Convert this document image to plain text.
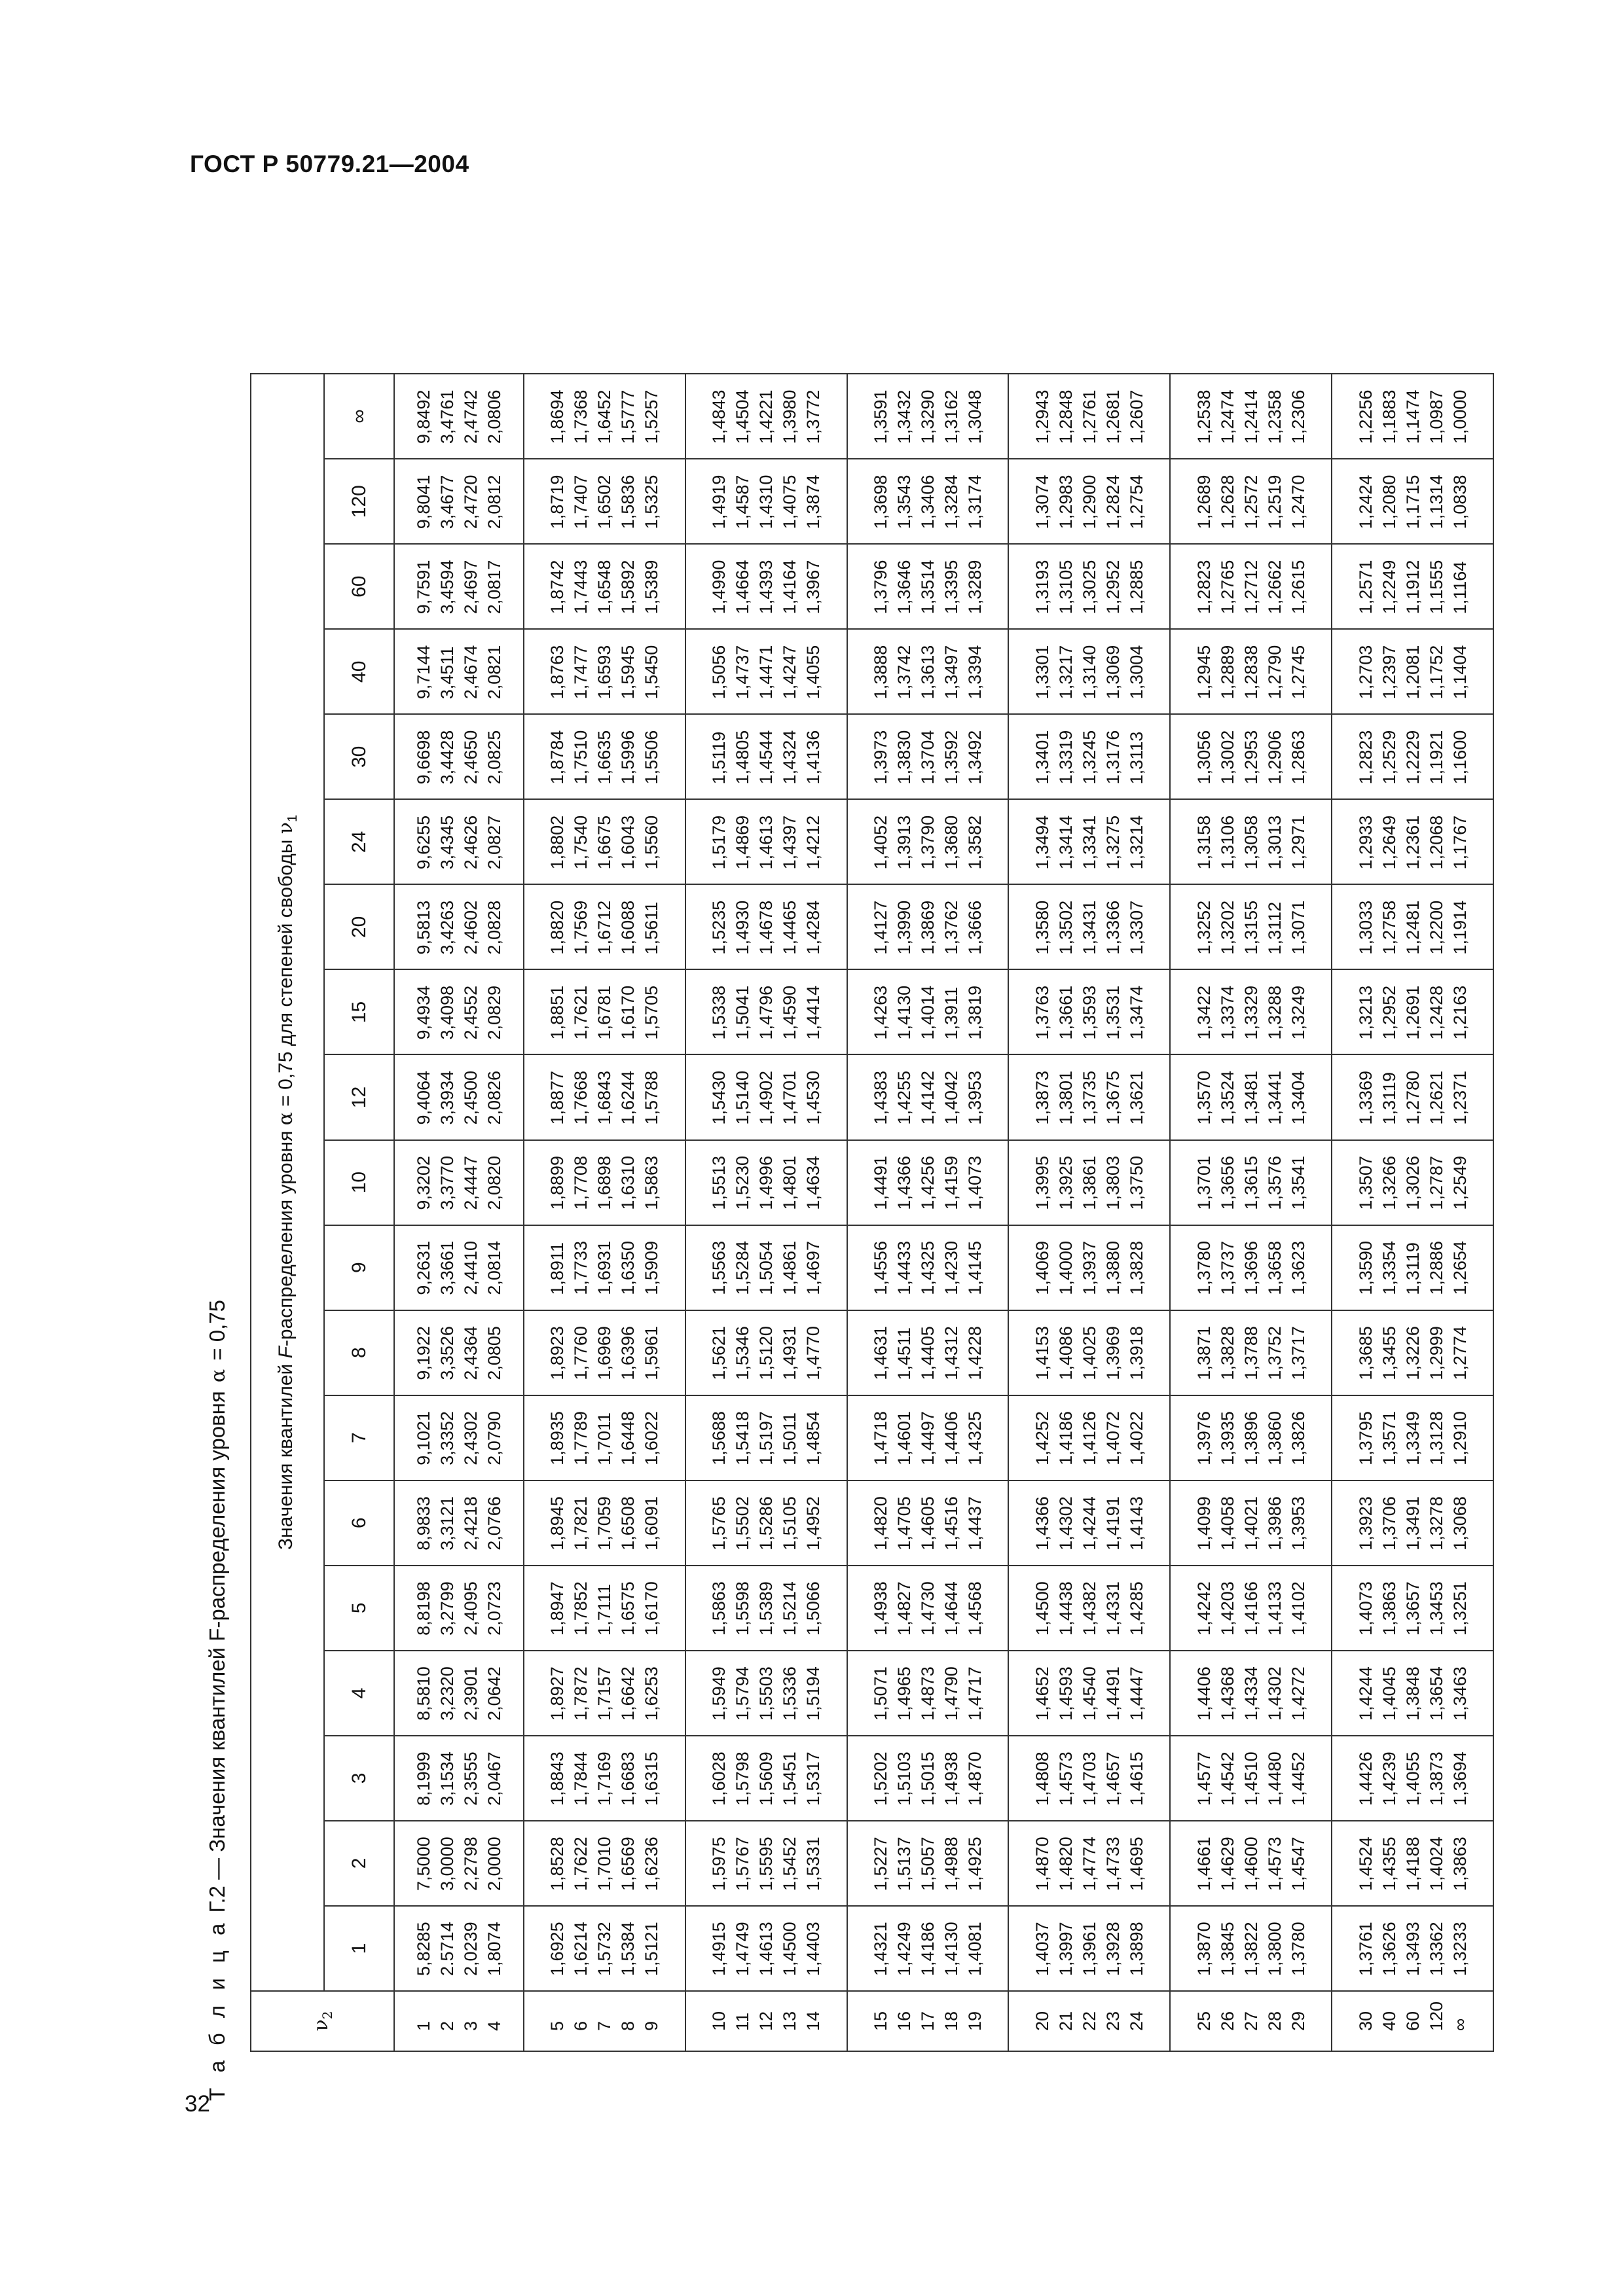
ГОСТ Р 50779.21—2004
32
Т а б л и ц а Г.2 — Значения квантилей F-распределения уровня α = 0,75
$\nu_2$	Значения квантилей F-распределения уровня α = 0,75 для степеней свободы $\nu_1$
	1	2	3	4	5	6	7	8	9	10	12	15	20	24	30	40	60	120	∞

1 2 3 4	5,8285 2.5714 2,0239 1,8074	7,5000 3,0000 2,2798 2,0000	8,1999 3,1534 2,3555 2,0467	8,5810 3,2320 2,3901 2,0642	8,8198 3,2799 2,4095 2,0723	8,9833 3,3121 2,4218 2,0766	9,1021 3,3352 2,4302 2,0790	9,1922 3,3526 2,4364 2,0805	9,2631 3,3661 2,4410 2,0814	9,3202 3,3770 2,4447 2,0820	9,4064 3,3934 2,4500 2,0826	9,4934 3,4098 2,4552 2,0829	9,5813 3,4263 2,4602 2,0828	9,6255 3,4345 2,4626 2,0827	9,6698 3,4428 2,4650 2,0825	9,7144 3,4511 2,4674 2,0821	9,7591 3,4594 2,4697 2,0817	9,8041 3,4677 2,4720 2,0812	9,8492 3,4761 2,4742 2,0806

5 6 7 8 9	1,6925 1,6214 1,5732 1,5384 1,5121	1,8528 1,7622 1,7010 1,6569 1,6236	1,8843 1,7844 1,7169 1,6683 1,6315	1,8927 1,7872 1,7157 1,6642 1,6253	1,8947 1,7852 1,7111 1,6575 1,6170	1,8945 1,7821 1,7059 1,6508 1,6091	1,8935 1,7789 1,7011 1,6448 1,6022	1,8923 1,7760 1,6969 1,6396 1,5961	1,8911 1,7733 1,6931 1,6350 1,5909	1,8899 1,7708 1,6898 1,6310 1,5863	1,8877 1,7668 1,6843 1,6244 1,5788	1,8851 1,7621 1,6781 1,6170 1,5705	1,8820 1,7569 1,6712 1,6088 1,5611	1,8802 1,7540 1,6675 1,6043 1,5560	1,8784 1,7510 1,6635 1,5996 1,5506	1,8763 1,7477 1,6593 1,5945 1,5450	1,8742 1,7443 1,6548 1,5892 1,5389	1,8719 1,7407 1,6502 1,5836 1,5325	1,8694 1,7368 1,6452 1,5777 1,5257

10 11 12 13 14	1,4915 1,4749 1,4613 1,4500 1,4403	1,5975 1,5767 1,5595 1,5452 1,5331	1,6028 1,5798 1,5609 1,5451 1,5317	1,5949 1,5794 1,5503 1,5336 1,5194	1,5863 1,5598 1,5389 1,5214 1,5066	1,5765 1,5502 1,5286 1,5105 1,4952	1,5688 1,5418 1,5197 1,5011 1,4854	1,5621 1,5346 1,5120 1,4931 1,4770	1,5563 1,5284 1,5054 1,4861 1,4697	1,5513 1,5230 1,4996 1,4801 1,4634	1,5430 1,5140 1,4902 1,4701 1,4530	1,5338 1,5041 1,4796 1,4590 1,4414	1,5235 1,4930 1,4678 1,4465 1,4284	1,5179 1,4869 1,4613 1,4397 1,4212	1,5119 1,4805 1,4544 1,4324 1,4136	1,5056 1,4737 1,4471 1,4247 1,4055	1,4990 1,4664 1,4393 1,4164 1,3967	1,4919 1,4587 1,4310 1,4075 1,3874	1,4843 1,4504 1,4221 1,3980 1,3772

15 16 17 18 19	1,4321 1,4249 1,4186 1,4130 1,4081	1,5227 1,5137 1,5057 1,4988 1,4925	1,5202 1,5103 1,5015 1,4938 1,4870	1,5071 1,4965 1,4873 1,4790 1,4717	1,4938 1,4827 1,4730 1,4644 1,4568	1,4820 1,4705 1,4605 1,4516 1,4437	1,4718 1,4601 1,4497 1,4406 1,4325	1,4631 1,4511 1,4405 1,4312 1,4228	1,4556 1,4433 1,4325 1,4230 1,4145	1,4491 1,4366 1,4256 1,4159 1,4073	1,4383 1,4255 1,4142 1,4042 1,3953	1,4263 1,4130 1,4014 1,3911 1,3819	1,4127 1,3990 1,3869 1,3762 1,3666	1,4052 1,3913 1,3790 1,3680 1,3582	1,3973 1,3830 1,3704 1,3592 1,3492	1,3888 1,3742 1,3613 1,3497 1,3394	1,3796 1,3646 1,3514 1,3395 1,3289	1,3698 1,3543 1,3406 1,3284 1,3174	1,3591 1,3432 1,3290 1,3162 1,3048

20 21 22 23 24	1,4037 1,3997 1,3961 1,3928 1,3898	1,4870 1,4820 1,4774 1,4733 1,4695	1,4808 1,4573 1,4703 1,4657 1,4615	1,4652 1,4593 1,4540 1,4491 1,4447	1,4500 1,4438 1,4382 1,4331 1,4285	1,4366 1,4302 1,4244 1,4191 1,4143	1,4252 1,4186 1,4126 1,4072 1,4022	1,4153 1,4086 1,4025 1,3969 1,3918	1,4069 1,4000 1,3937 1,3880 1,3828	1,3995 1,3925 1,3861 1,3803 1,3750	1,3873 1,3801 1,3735 1,3675 1,3621	1,3763 1,3661 1,3593 1,3531 1,3474	1,3580 1,3502 1,3431 1,3366 1,3307	1,3494 1,3414 1,3341 1,3275 1,3214	1,3401 1,3319 1,3245 1,3176 1,3113	1,3301 1,3217 1,3140 1,3069 1,3004	1,3193 1,3105 1,3025 1,2952 1,2885	1,3074 1,2983 1,2900 1,2824 1,2754	1,2943 1,2848 1,2761 1,2681 1,2607

25 26 27 28 29	1,3870 1,3845 1,3822 1,3800 1,3780	1,4661 1,4629 1,4600 1,4573 1,4547	1,4577 1,4542 1,4510 1,4480 1,4452	1,4406 1,4368 1,4334 1,4302 1,4272	1,4242 1,4203 1,4166 1,4133 1,4102	1,4099 1,4058 1,4021 1,3986 1,3953	1,3976 1,3935 1,3896 1,3860 1,3826	1,3871 1,3828 1,3788 1,3752 1,3717	1,3780 1,3737 1,3696 1,3658 1,3623	1,3701 1,3656 1,3615 1,3576 1,3541	1,3570 1,3524 1,3481 1,3441 1,3404	1,3422 1,3374 1,3329 1,3288 1,3249	1,3252 1,3202 1,3155 1,3112 1,3071	1,3158 1,3106 1,3058 1,3013 1,2971	1,3056 1,3002 1,2953 1,2906 1,2863	1,2945 1,2889 1,2838 1,2790 1,2745	1,2823 1,2765 1,2712 1,2662 1,2615	1,2689 1,2628 1,2572 1,2519 1,2470	1,2538 1,2474 1,2414 1,2358 1,2306

30 40 60 120 ∞	1,3761 1,3626 1,3493 1,3362 1,3233	1,4524 1,4355 1,4188 1,4024 1,3863	1,4426 1,4239 1,4055 1,3873 1,3694	1,4244 1,4045 1,3848 1,3654 1,3463	1,4073 1,3863 1,3657 1,3453 1,3251	1,3923 1,3706 1,3491 1,3278 1,3068	1,3795 1,3571 1,3349 1,3128 1,2910	1,3685 1,3455 1,3226 1,2999 1,2774	1,3590 1,3354 1,3119 1,2886 1,2654	1,3507 1,3266 1,3026 1,2787 1,2549	1,3369 1,3119 1,2780 1,2621 1,2371	1,3213 1,2952 1,2691 1,2428 1,2163	1,3033 1,2758 1,2481 1,2200 1,1914	1,2933 1,2649 1,2361 1,2068 1,1767	1,2823 1,2529 1,2229 1,1921 1,1600	1,2703 1,2397 1,2081 1,1752 1,1404	1,2571 1,2249 1,1912 1,1555 1,1164	1,2424 1,2080 1,1715 1,1314 1,0838	1,2256 1,1883 1,1474 1,0987 1,0000
